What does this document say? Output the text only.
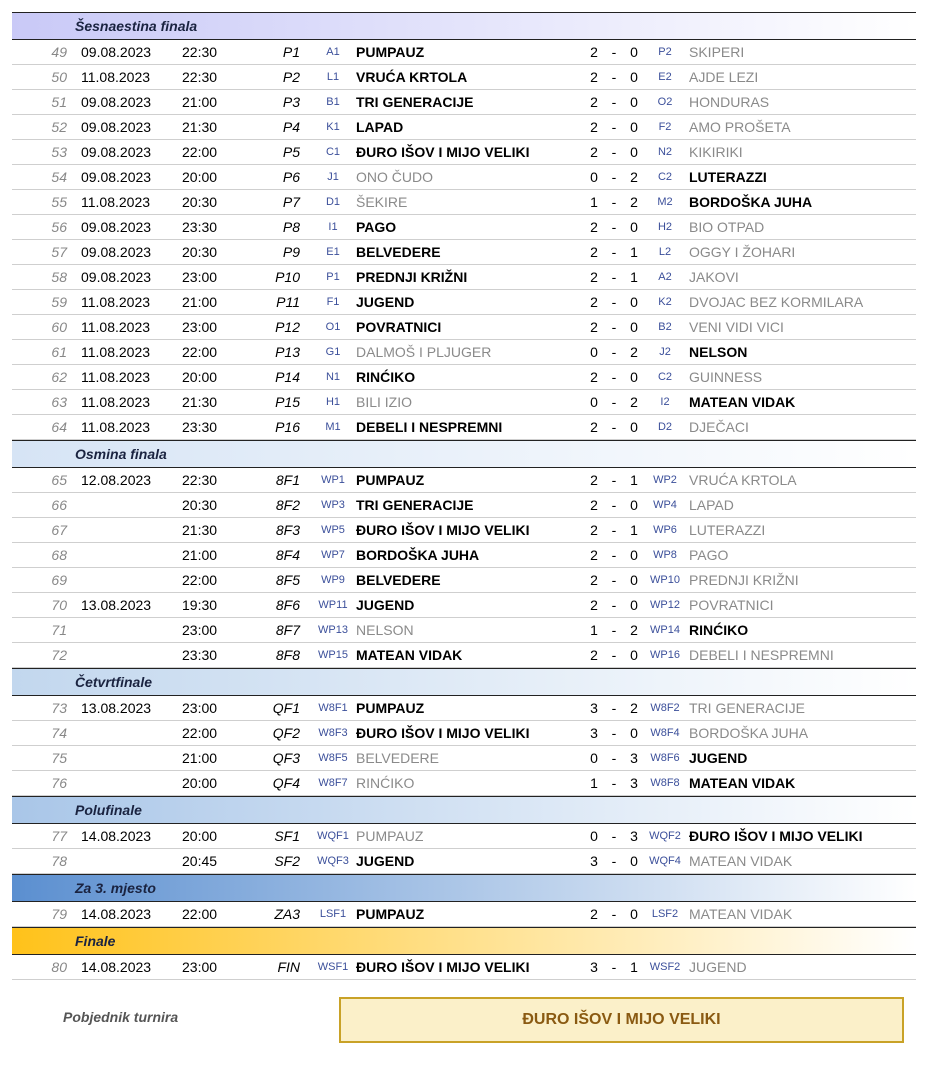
Šesnaestina finala
49 09.08.2023 22:30	P1	A1	PUMPAUZ	2 - 0	P2	SKIPERI
50 11.08.2023 22:30	P2	L1	VRUĆA KRTOLA	2 - 0	E2	AJDE LEZI
51 09.08.2023 21:00	P3	B1	TRI GENERACIJE	2 - 0	O2	HONDURAS
52 09.08.2023 21:30	P4	K1	LAPAD	2 - 0	F2	AMO PROŠETA
53 09.08.2023 22:00	P5	C1	ĐURO IŠOV I MIJO VELIKI	2 - 0	N2	KIKIRIKI
54 09.08.2023 20:00	P6	J1	ONO ČUDO	0 - 2	C2	LUTERAZZI
55 11.08.2023 20:30	P7	D1	ŠEKIRE	1 - 2	M2	BORDOŠKA JUHA
56 09.08.2023 23:30	P8	I1	PAGO	2 - 0	H2	BIO OTPAD
57 09.08.2023 20:30	P9	E1	BELVEDERE	2 - 1	L2	OGGY I ŽOHARI
58 09.08.2023 23:00	P10	P1	PREDNJI KRIŽNI	2 - 1	A2	JAKOVI
59 11.08.2023 21:00	P11	F1	JUGEND	2 - 0	K2	DVOJAC BEZ KORMILARA
60 11.08.2023 23:00	P12	O1	POVRATNICI	2 - 0	B2	VENI VIDI VICI
61 11.08.2023 22:00	P13	G1	DALMOŠ I PLJUGER	0 - 2	J2	NELSON
62 11.08.2023 20:00	P14	N1	RINĆIKO	2 - 0	C2	GUINNESS
63 11.08.2023 21:30	P15	H1	BILI IZIO	0 - 2	I2	MATEAN VIDAK
64 11.08.2023 23:30	P16	M1	DEBELI I NESPREMNI	2 - 0	D2	DJEČACI
Osmina finala
65 12.08.2023 22:30	8F1	WP1 PUMPAUZ	2 - 1	WP2 VRUĆA KRTOLA
66	20:30	8F2	WP3 TRI GENERACIJE	2 - 0	WP4 LAPAD
67	21:30	8F3	WP5 ĐURO IŠOV I MIJO VELIKI	2 - 1	WP6 LUTERAZZI
68	21:00	8F4	WP7 BORDOŠKA JUHA	2 - 0	WP8 PAGO
69	22:00	8F5	WP9 BELVEDERE	2 - 0	WP10 PREDNJI KRIŽNI
70 13.08.2023 19:30	8F6	WP11 JUGEND	2 - 0	WP12 POVRATNICI
71	23:00	8F7	WP13 NELSON	1 - 2	WP14 RINĆIKO
72	23:30	8F8	WP15 MATEAN VIDAK	2 - 0	WP16 DEBELI I NESPREMNI
Četvrtfinale
73 13.08.2023 23:00	QF1	W8F1 PUMPAUZ	3 - 2	W8F2 TRI GENERACIJE
74	22:00	QF2	W8F3 ĐURO IŠOV I MIJO VELIKI	3 - 0	W8F4 BORDOŠKA JUHA
75	21:00	QF3	W8F5 BELVEDERE	0 - 3	W8F6 JUGEND
76	20:00	QF4	W8F7 RINĆIKO	1 - 3	W8F8 MATEAN VIDAK
Polufinale
77 14.08.2023 20:00	SF1	WQF1 PUMPAUZ	0 - 3	WQF2 ĐURO IŠOV I MIJO VELIKI
78	20:45	SF2	WQF3 JUGEND	3 - 0	WQF4 MATEAN VIDAK
Za 3. mjesto
79 14.08.2023 22:00	ZA3	LSF1 PUMPAUZ	2 - 0	LSF2 MATEAN VIDAK
Finale
80 14.08.2023 23:00	FIN	WSF1 ĐURO IŠOV I MIJO VELIKI	3 - 1	WSF2 JUGEND
Pobjednik turnira	ĐURO IŠOV I MIJO VELIKI
